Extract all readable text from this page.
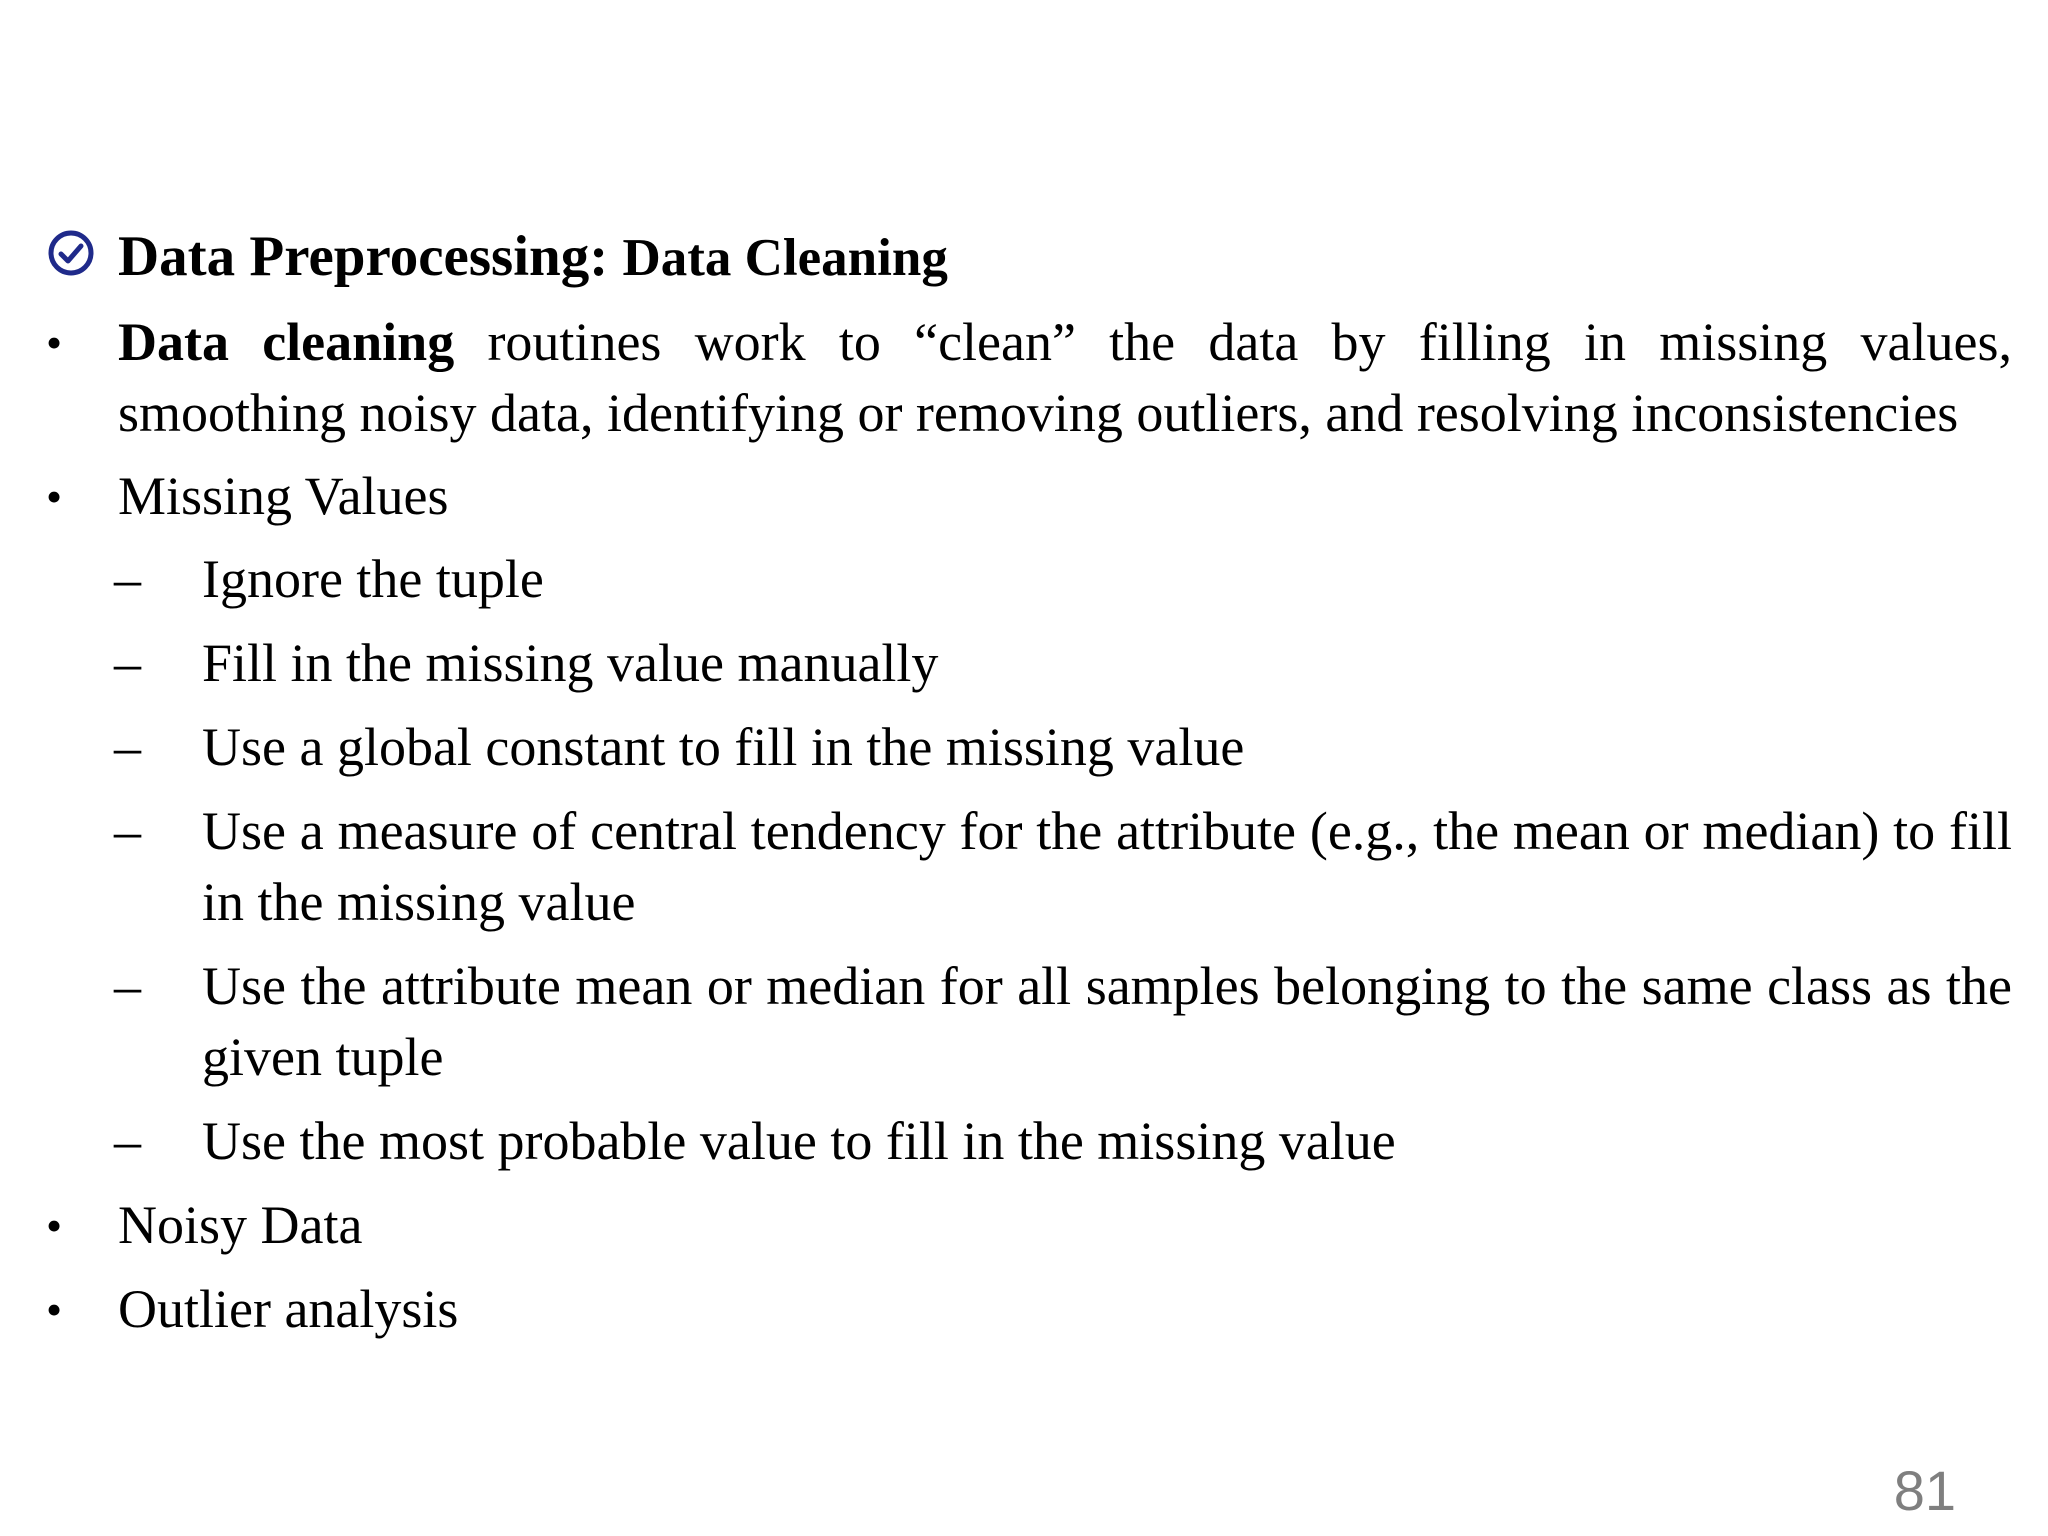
Data Preprocessing: Data Cleaning
• Data cleaning routines work to “clean” the data by filling in missing values, smoothing noisy data, identifying or removing outliers, and resolving inconsistencies
• Missing Values
– Ignore the tuple
– Fill in the missing value manually
– Use a global constant to fill in the missing value
– Use a measure of central tendency for the attribute (e.g., the mean or median) to fill in the missing value
– Use the attribute mean or median for all samples belonging to the same class as the given tuple
– Use the most probable value to fill in the missing value
• Noisy Data
• Outlier analysis
81
